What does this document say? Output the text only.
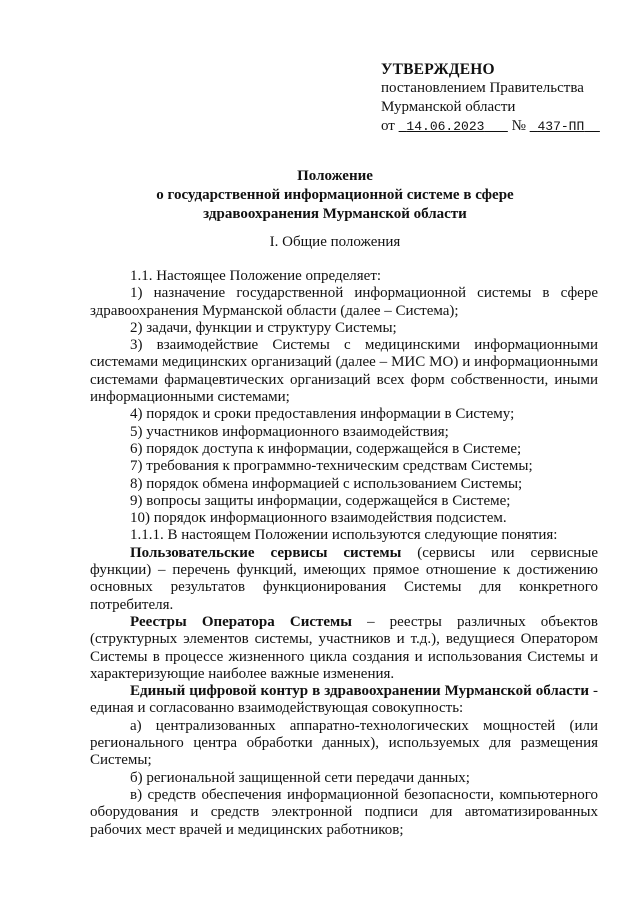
УТВЕРЖДЕНО
постановлением Правительства
Мурманской области
от 14.06.2023 № 437-ПП
Положение
о государственной информационной системе в сфере
здравоохранения Мурманской области
I. Общие положения

1.1. Настоящее Положение определяет:

1) назначение государственной информационной системы в сфере здравоохранения Мурманской области (далее – Система);

2) задачи, функции и структуру Системы;

3) взаимодействие Системы с медицинскими информационными системами медицинских организаций (далее – МИС МО) и информационными системами фармацевтических организаций всех форм собственности, иными информационными системами;

4) порядок и сроки предоставления информации в Систему;

5) участников информационного взаимодействия;

6) порядок доступа к информации, содержащейся в Системе;

7) требования к программно-техническим средствам Системы;

8) порядок обмена информацией с использованием Системы;

9) вопросы защиты информации, содержащейся в Системе;

10) порядок информационного взаимодействия подсистем.

1.1.1. В настоящем Положении используются следующие понятия:

Пользовательские сервисы системы (сервисы или сервисные функции) – перечень функций, имеющих прямое отношение к достижению основных результатов функционирования Системы для конкретного потребителя.

Реестры Оператора Системы – реестры различных объектов (структурных элементов системы, участников и т.д.), ведущиеся Оператором Системы в процессе жизненного цикла создания и использования Системы и характеризующие наиболее важные изменения.

Единый цифровой контур в здравоохранении Мурманской области - единая и согласованно взаимодействующая совокупность:

а) централизованных аппаратно-технологических мощностей (или регионального центра обработки данных), используемых для размещения Системы;

б) региональной защищенной сети передачи данных;

в) средств обеспечения информационной безопасности, компьютерного оборудования и средств электронной подписи для автоматизированных рабочих мест врачей и медицинских работников;
